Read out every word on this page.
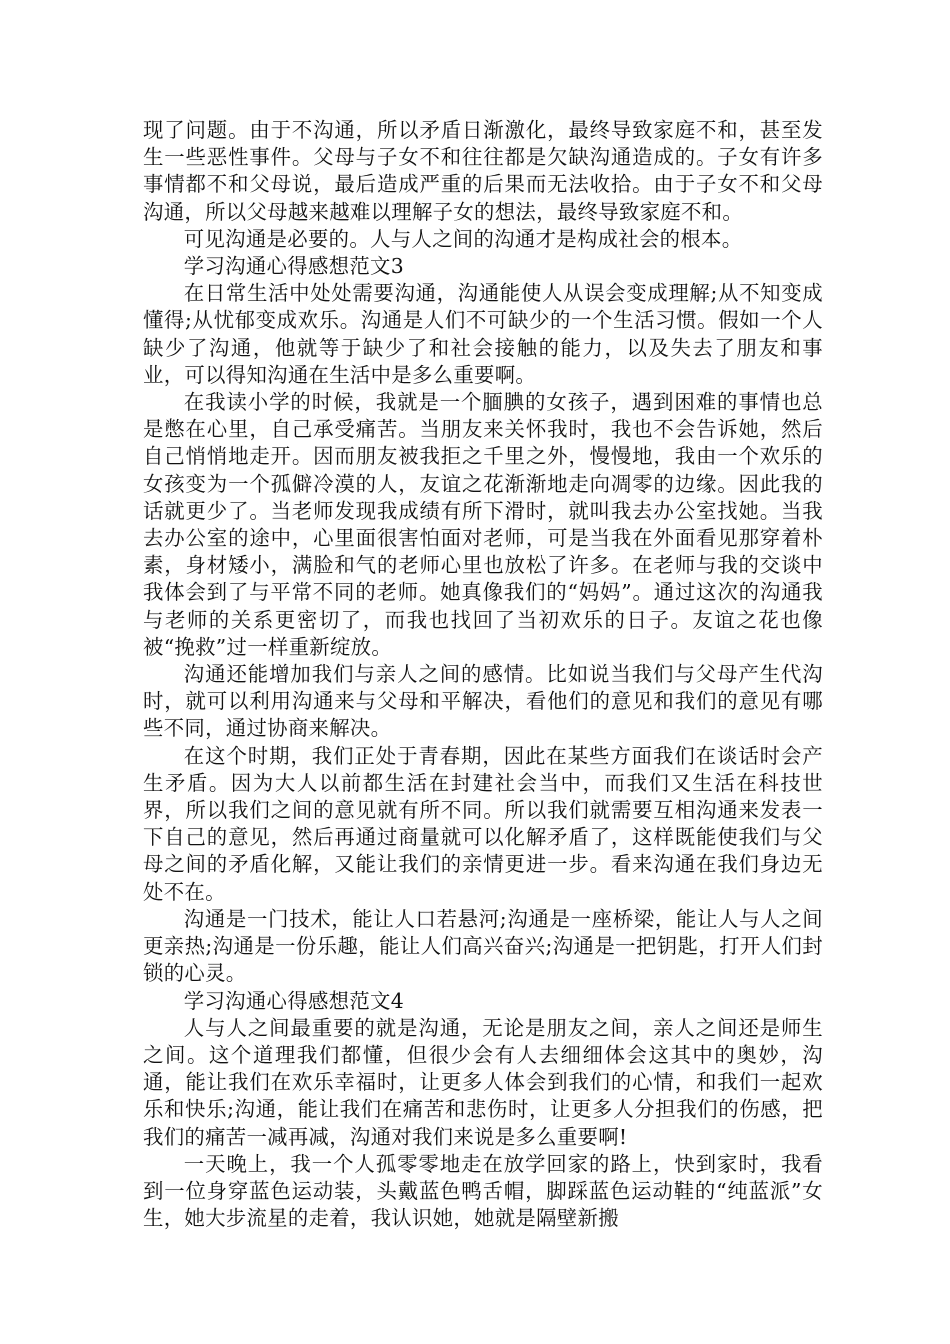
现了问题。由于不沟通，所以矛盾日渐激化，最终导致家庭不和，甚至发生一些恶性事件。父母与子女不和往往都是欠缺沟通造成的。子女有许多事情都不和父母说，最后造成严重的后果而无法收拾。由于子女不和父母沟通，所以父母越来越难以理解子女的想法，最终导致家庭不和。

可见沟通是必要的。人与人之间的沟通才是构成社会的根本。

学习沟通心得感想范文3

在日常生活中处处需要沟通，沟通能使人从误会变成理解;从不知变成懂得;从忧郁变成欢乐。沟通是人们不可缺少的一个生活习惯。假如一个人缺少了沟通，他就等于缺少了和社会接触的能力，以及失去了朋友和事业，可以得知沟通在生活中是多么重要啊。

在我读小学的时候，我就是一个腼腆的女孩子，遇到困难的事情也总是憋在心里，自己承受痛苦。当朋友来关怀我时，我也不会告诉她，然后自己悄悄地走开。因而朋友被我拒之千里之外，慢慢地，我由一个欢乐的女孩变为一个孤僻冷漠的人，友谊之花渐渐地走向凋零的边缘。因此我的话就更少了。当老师发现我成绩有所下滑时，就叫我去办公室找她。当我去办公室的途中，心里面很害怕面对老师，可是当我在外面看见那穿着朴素，身材矮小，满脸和气的老师心里也放松了许多。在老师与我的交谈中我体会到了与平常不同的老师。她真像我们的“妈妈”。通过这次的沟通我与老师的关系更密切了，而我也找回了当初欢乐的日子。友谊之花也像被“挽救”过一样重新绽放。

沟通还能增加我们与亲人之间的感情。比如说当我们与父母产生代沟时，就可以利用沟通来与父母和平解决，看他们的意见和我们的意见有哪些不同，通过协商来解决。

在这个时期，我们正处于青春期，因此在某些方面我们在谈话时会产生矛盾。因为大人以前都生活在封建社会当中，而我们又生活在科技世界，所以我们之间的意见就有所不同。所以我们就需要互相沟通来发表一下自己的意见，然后再通过商量就可以化解矛盾了，这样既能使我们与父母之间的矛盾化解，又能让我们的亲情更进一步。看来沟通在我们身边无处不在。

沟通是一门技术，能让人口若悬河;沟通是一座桥梁，能让人与人之间更亲热;沟通是一份乐趣，能让人们高兴奋兴;沟通是一把钥匙，打开人们封锁的心灵。

学习沟通心得感想范文4

人与人之间最重要的就是沟通，无论是朋友之间，亲人之间还是师生之间。这个道理我们都懂，但很少会有人去细细体会这其中的奥妙，沟通，能让我们在欢乐幸福时，让更多人体会到我们的心情，和我们一起欢乐和快乐;沟通，能让我们在痛苦和悲伤时，让更多人分担我们的伤感，把我们的痛苦一减再减，沟通对我们来说是多么重要啊!

一天晚上，我一个人孤零零地走在放学回家的路上，快到家时，我看到一位身穿蓝色运动装，头戴蓝色鸭舌帽，脚踩蓝色运动鞋的“纯蓝派”女生，她大步流星的走着，我认识她，她就是隔壁新搬
